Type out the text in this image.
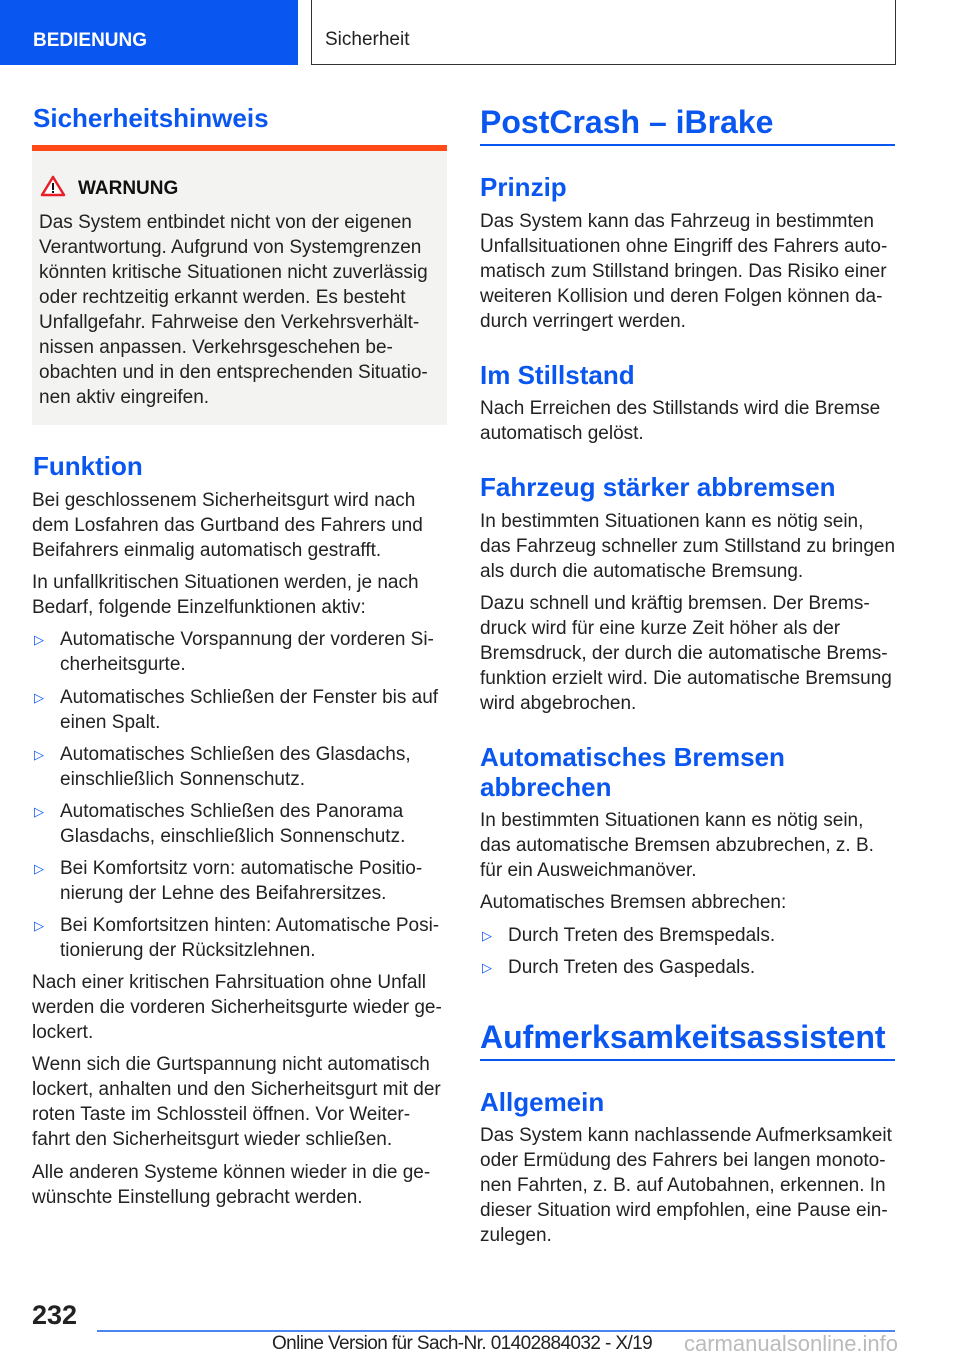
BEDIENUNG	Sicherheit
Sicherheitshinweis
WARNUNG
Das System entbindet nicht von der eigenen
Verantwortung. Aufgrund von Systemgrenzen
könnten kritische Situationen nicht zuverlässig
oder rechtzeitig erkannt werden. Es besteht
Unfallgefahr. Fahrweise den Verkehrsverhält-
nissen anpassen. Verkehrsgeschehen be-
obachten und in den entsprechenden Situatio-
nen aktiv eingreifen.
Funktion
Bei geschlossenem Sicherheitsgurt wird nach
dem Losfahren das Gurtband des Fahrers und
Beifahrers einmalig automatisch gestrafft.
In unfallkritischen Situationen werden, je nach
Bedarf, folgende Einzelfunktionen aktiv:
▷ Automatische Vorspannung der vorderen Si-
cherheitsgurte.
▷ Automatisches Schließen der Fenster bis auf
einen Spalt.
▷ Automatisches Schließen des Glasdachs,
einschließlich Sonnenschutz.
▷ Automatisches Schließen des Panorama
Glasdachs, einschließlich Sonnenschutz.
▷ Bei Komfortsitz vorn: automatische Positio-
nierung der Lehne des Beifahrersitzes.
▷ Bei Komfortsitzen hinten: Automatische Posi-
tionierung der Rücksitzlehnen.
Nach einer kritischen Fahrsituation ohne Unfall
werden die vorderen Sicherheitsgurte wieder ge-
lockert.
Wenn sich die Gurtspannung nicht automatisch
lockert, anhalten und den Sicherheitsgurt mit der
roten Taste im Schlossteil öffnen. Vor Weiter-
fahrt den Sicherheitsgurt wieder schließen.
Alle anderen Systeme können wieder in die ge-
wünschte Einstellung gebracht werden.
PostCrash – iBrake
Prinzip
Das System kann das Fahrzeug in bestimmten
Unfallsituationen ohne Eingriff des Fahrers auto-
matisch zum Stillstand bringen. Das Risiko einer
weiteren Kollision und deren Folgen können da-
durch verringert werden.
Im Stillstand
Nach Erreichen des Stillstands wird die Bremse
automatisch gelöst.
Fahrzeug stärker abbremsen
In bestimmten Situationen kann es nötig sein,
das Fahrzeug schneller zum Stillstand zu bringen
als durch die automatische Bremsung.
Dazu schnell und kräftig bremsen. Der Brems-
druck wird für eine kurze Zeit höher als der
Bremsdruck, der durch die automatische Brems-
funktion erzielt wird. Die automatische Bremsung
wird abgebrochen.
Automatisches Bremsen
abbrechen
In bestimmten Situationen kann es nötig sein,
das automatische Bremsen abzubrechen, z. B.
für ein Ausweichmanöver.
Automatisches Bremsen abbrechen:
▷ Durch Treten des Bremspedals.
▷ Durch Treten des Gaspedals.
Aufmerksamkeitsassistent
Allgemein
Das System kann nachlassende Aufmerksamkeit
oder Ermüdung des Fahrers bei langen monoto-
nen Fahrten, z. B. auf Autobahnen, erkennen. In
dieser Situation wird empfohlen, eine Pause ein-
zulegen.
232
Online Version für Sach-Nr. 01402884032 - X/19 carmanualsonline.info
